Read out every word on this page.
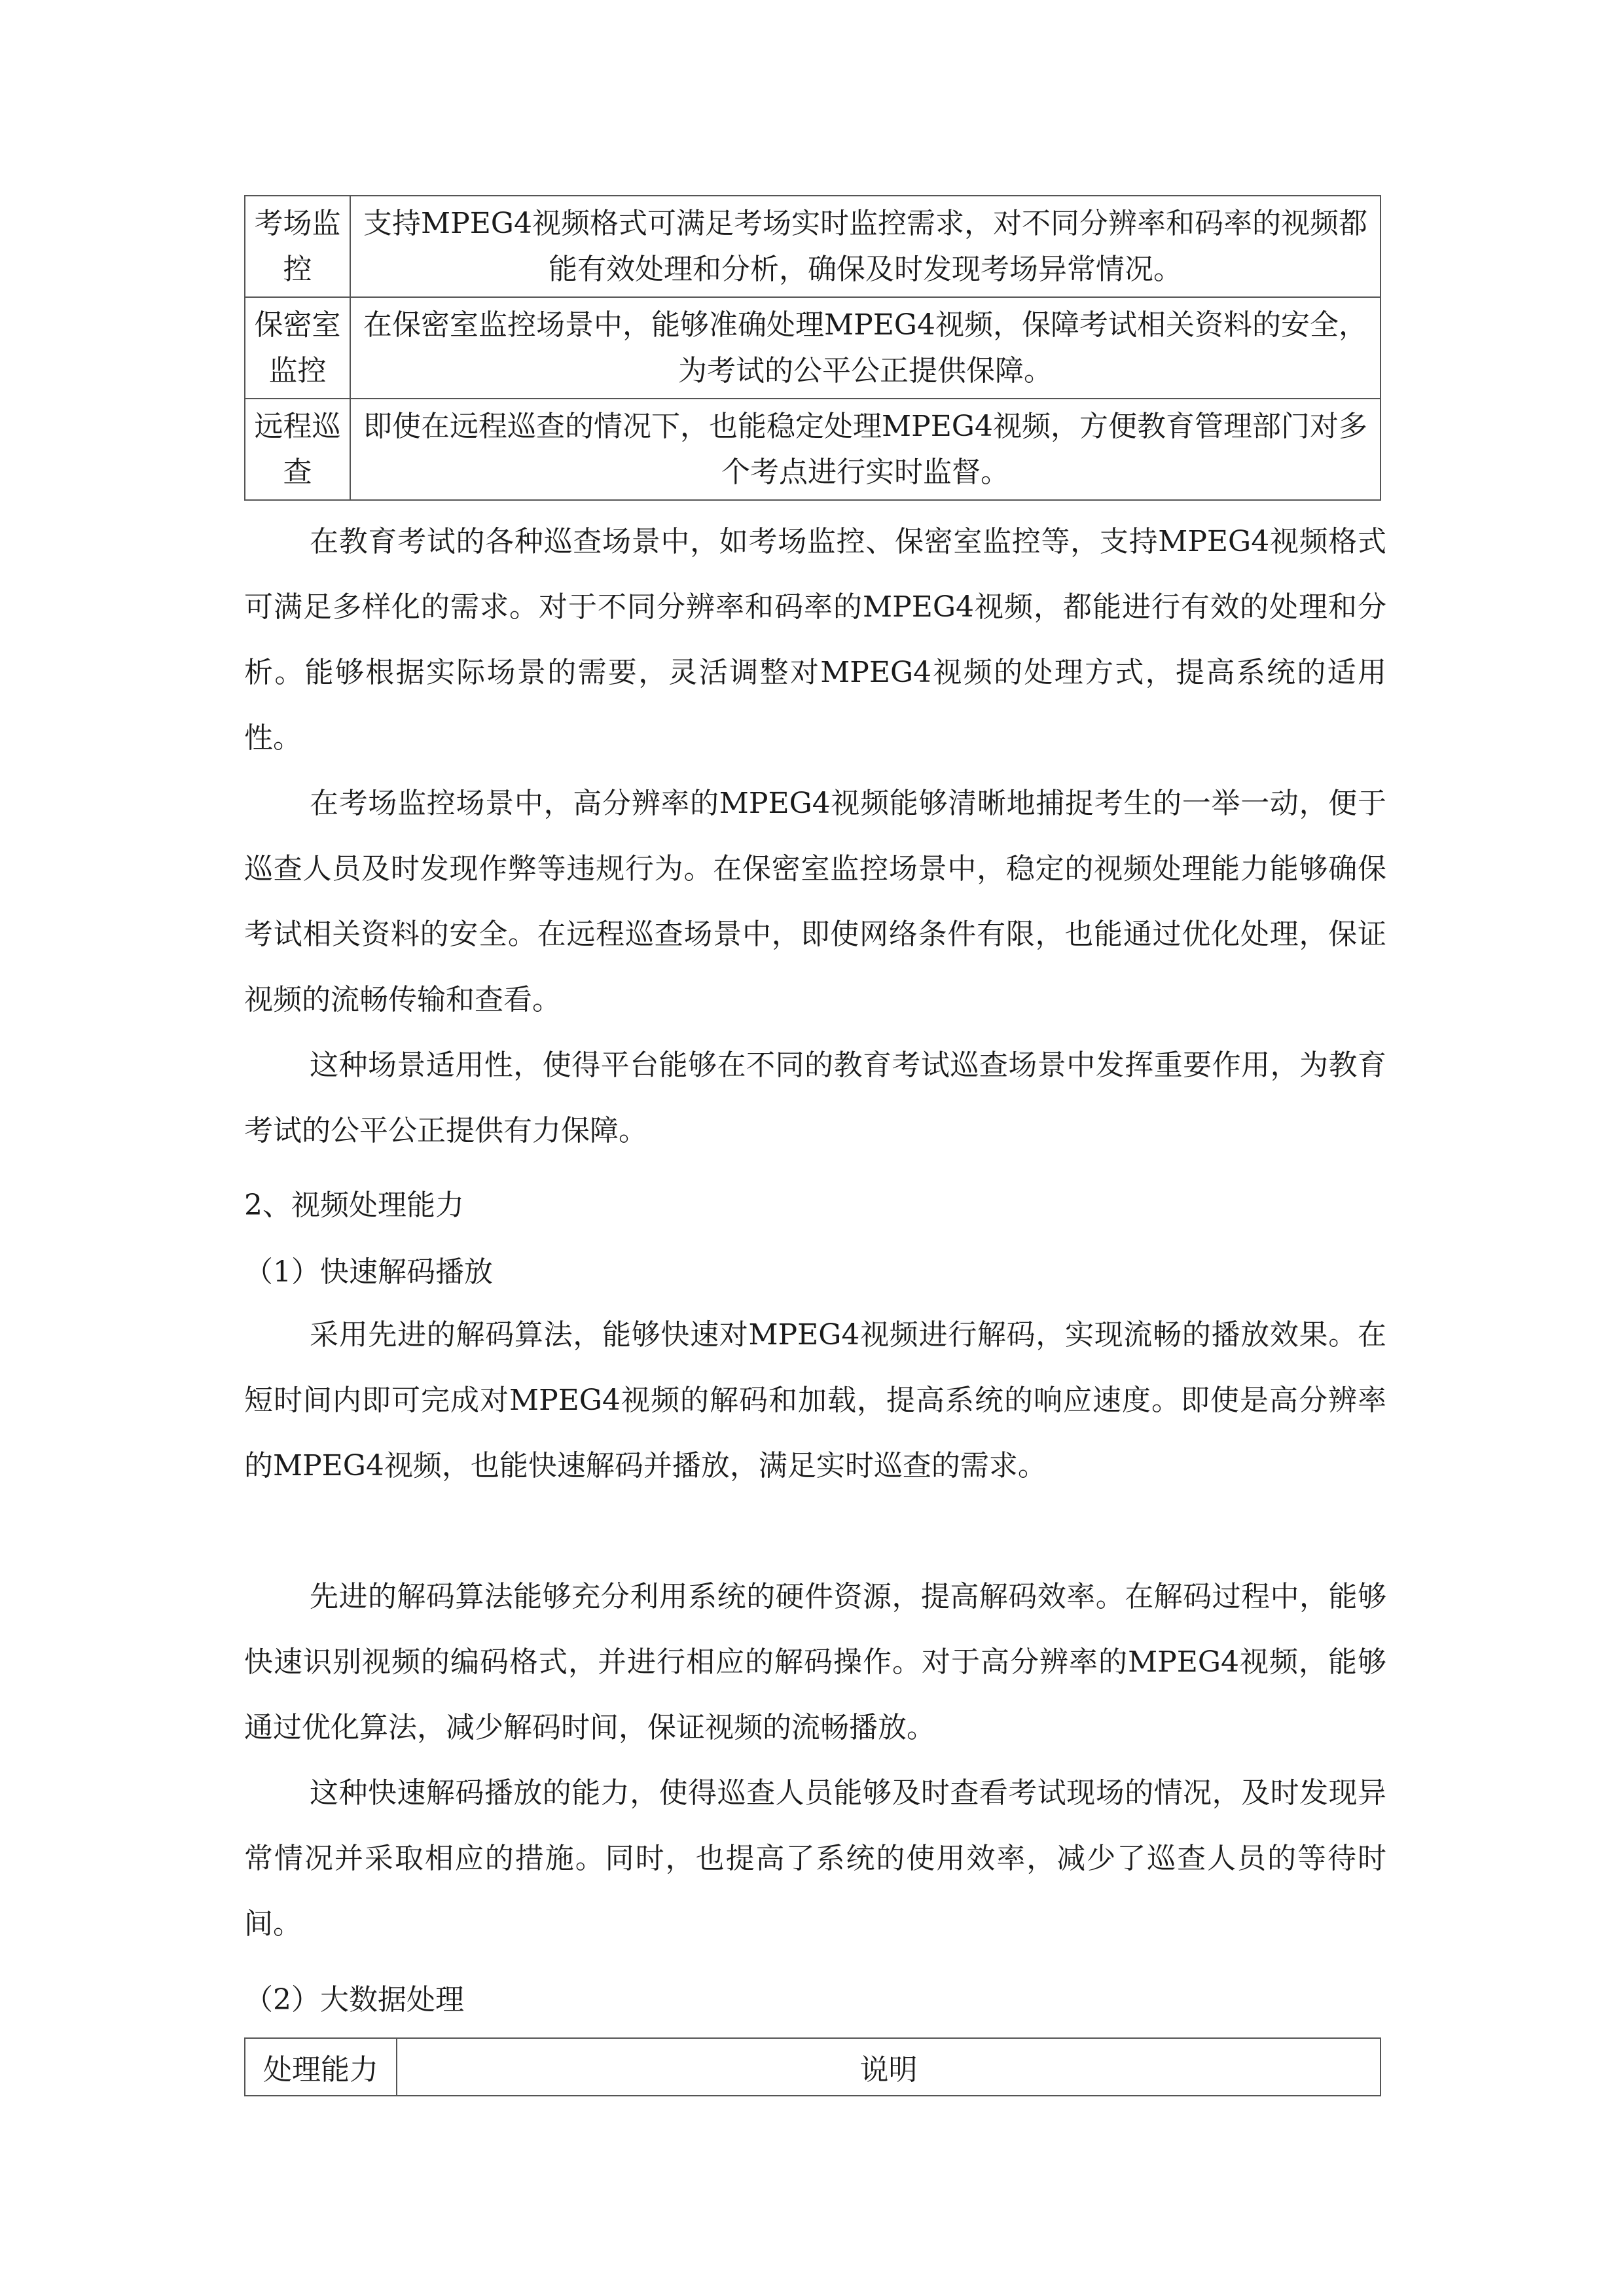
考场监控	支持MPEG4视频格式可满足考场实时监控需求，对不同分辨率和码率的视频都能有效处理和分析，确保及时发现考场异常情况。
保密室监控	在保密室监控场景中，能够准确处理MPEG4视频，保障考试相关资料的安全，为考试的公平公正提供保障。
远程巡查	即使在远程巡查的情况下，也能稳定处理MPEG4视频，方便教育管理部门对多个考点进行实时监督。

在教育考试的各种巡查场景中，如考场监控、保密室监控等，支持MPEG4视频格式可满足多样化的需求。对于不同分辨率和码率的MPEG4视频，都能进行有效的处理和分析。能够根据实际场景的需要，灵活调整对MPEG4视频的处理方式，提高系统的适用性。

在考场监控场景中，高分辨率的MPEG4视频能够清晰地捕捉考生的一举一动，便于巡查人员及时发现作弊等违规行为。在保密室监控场景中，稳定的视频处理能力能够确保考试相关资料的安全。在远程巡查场景中，即使网络条件有限，也能通过优化处理，保证视频的流畅传输和查看。

这种场景适用性，使得平台能够在不同的教育考试巡查场景中发挥重要作用，为教育考试的公平公正提供有力保障。

2、视频处理能力

（1）快速解码播放

采用先进的解码算法，能够快速对MPEG4视频进行解码，实现流畅的播放效果。在短时间内即可完成对MPEG4视频的解码和加载，提高系统的响应速度。即使是高分辨率的MPEG4视频，也能快速解码并播放，满足实时巡查的需求。

先进的解码算法能够充分利用系统的硬件资源，提高解码效率。在解码过程中，能够快速识别视频的编码格式，并进行相应的解码操作。对于高分辨率的MPEG4视频，能够通过优化算法，减少解码时间，保证视频的流畅播放。

这种快速解码播放的能力，使得巡查人员能够及时查看考试现场的情况，及时发现异常情况并采取相应的措施。同时，也提高了系统的使用效率，减少了巡查人员的等待时间。

（2）大数据处理

处理能力	说明
